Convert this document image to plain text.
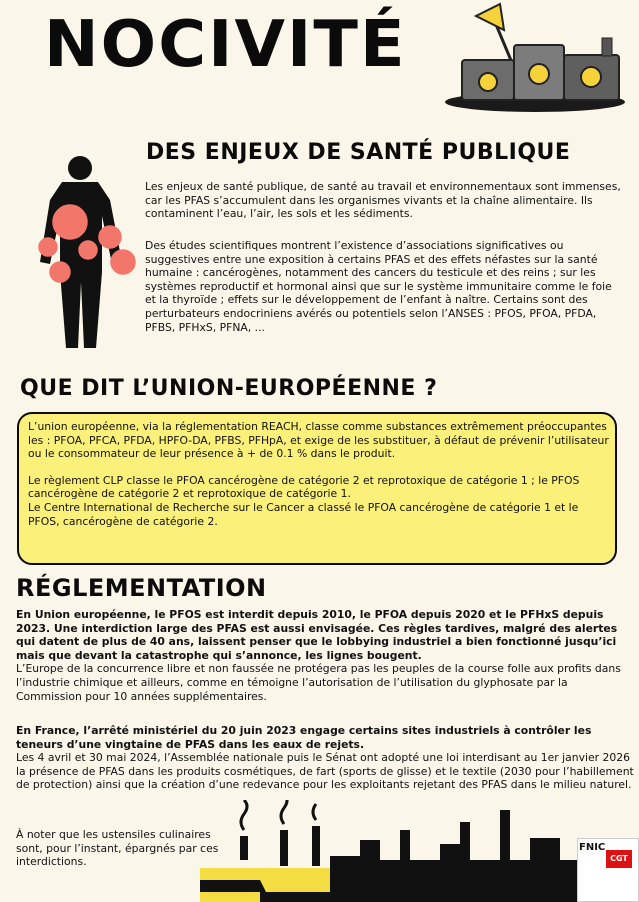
NOCIVITÉ
DES ENJEUX DE SANTÉ PUBLIQUE
Les enjeux de santé publique, de santé au travail et environnementaux sont immenses, car les PFAS s’accumulent dans les organismes vivants et la chaîne alimentaire. Ils contaminent l’eau, l’air, les sols et les sédiments.
Des études scientifiques montrent l’existence d’associations significatives ou suggestives entre une exposition à certains PFAS et des effets néfastes sur la santé humaine : cancérogènes, notamment des cancers du testicule et des reins ; sur les systèmes reproductif et hormonal ainsi que sur le système immunitaire comme le foie et la thyroïde ; effets sur le développement de l’enfant à naître. Certains sont des perturbateurs endocriniens avérés ou potentiels selon l’ANSES : PFOS, PFOA, PFDA, PFBS, PFHxS, PFNA, ...
QUE DIT L’UNION-EUROPÉENNE ?

L’union européenne, via la réglementation REACH, classe comme substances extrêmement préoccupantes les : PFOA, PFCA, PFDA, HPFO-DA, PFBS, PFHpA, et exige de les substituer, à défaut de prévenir l’utilisateur ou le consommateur de leur présence à + de 0.1 % dans le produit.

Le règlement CLP classe le PFOA cancérogène de catégorie 2 et reprotoxique de catégorie 1 ; le PFOS cancérogène de catégorie 2 et reprotoxique de catégorie 1.

Le Centre International de Recherche sur le Cancer a classé le PFOA cancérogène de catégorie 1 et le PFOS, cancérogène de catégorie 2.

RÉGLEMENTATION

En Union européenne, le PFOS est interdit depuis 2010, le PFOA depuis 2020 et le PFHxS depuis 2023. Une interdiction large des PFAS est aussi envisagée. Ces règles tardives, malgré des alertes qui datent de plus de 40 ans, laissent penser que le lobbying industriel a bien fonctionné jusqu’ici mais que devant la catastrophe qui s’annonce, les lignes bougent.

L’Europe de la concurrence libre et non faussée ne protégera pas les peuples de la course folle aux profits dans l’industrie chimique et ailleurs, comme en témoigne l’autorisation de l’utilisation du glyphosate par la Commission pour 10 années supplémentaires.

En France, l’arrêté ministériel du 20 juin 2023 engage certains sites industriels à contrôler les teneurs d’une vingtaine de PFAS dans les eaux de rejets.

Les 4 avril et 30 mai 2024, l’Assemblée nationale puis le Sénat ont adopté une loi interdisant au 1er janvier 2026 la présence de PFAS dans les produits cosmétiques, de fart (sports de glisse) et le textile (2030 pour l’habillement de protection) ainsi que la création d’une redevance pour les exploitants rejetant des PFAS dans le milieu naturel.

À noter que les ustensiles culinaires sont, pour l’instant, épargnés par ces interdictions.
FNIC
CGT
